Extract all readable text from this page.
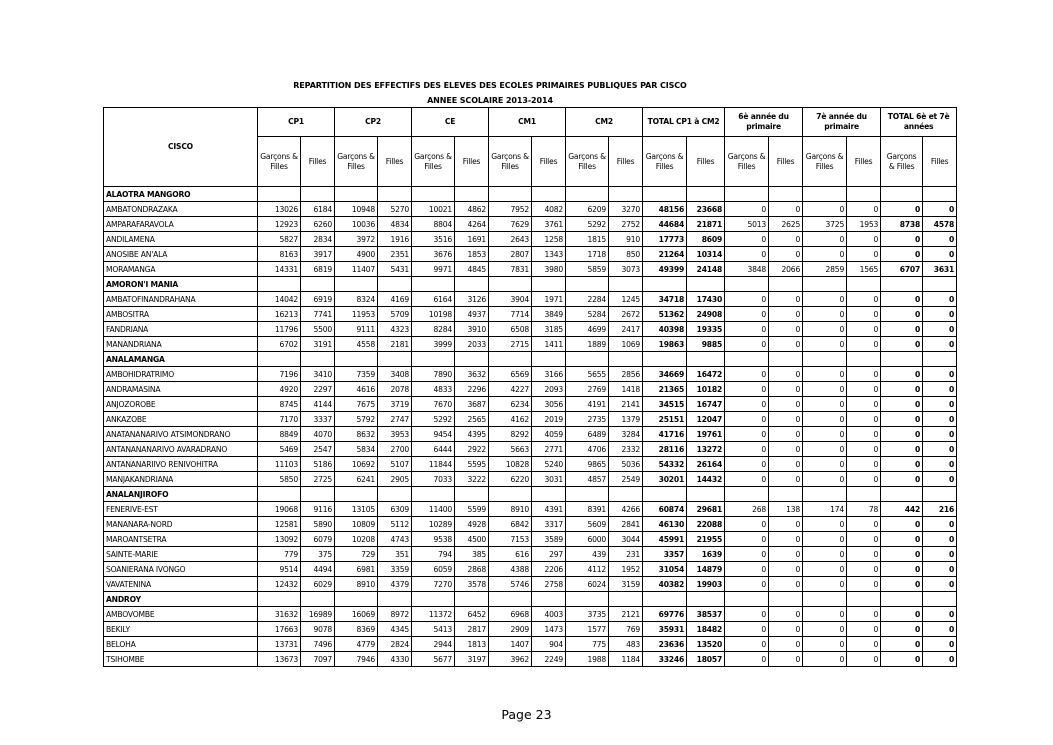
REPARTITION DES EFFECTIFS DES ELEVES DES ECOLES PRIMAIRES PUBLIQUES PAR CISCO
ANNEE SCOLAIRE 2013-2014
CISCO	CP1		CP2		CE		CM1		CM2		TOTAL CP1 à CM2		6è année du primaire		7è année du primaire		TOTAL 6è et 7è années	
	Garçons & Filles	Filles	Garçons & Filles	Filles	Garçons & Filles	Filles	Garçons & Filles	Filles	Garçons & Filles	Filles	Garçons & Filles	Filles	Garçons & Filles	Filles	Garçons & Filles	Filles	Garçons & Filles	Filles
ALAOTRA MANGORO																		
AMBATONDRAZAKA	13026	6184	10948	5270	10021	4862	7952	4082	6209	3270	48156	23668	0	0	0	0	0	0
AMPARAFARAVOLA	12923	6260	10036	4834	8804	4264	7629	3761	5292	2752	44684	21871	5013	2625	3725	1953	8738	4578
ANDILAMENA	5827	2834	3972	1916	3516	1691	2643	1258	1815	910	17773	8609	0	0	0	0	0	0
ANOSIBE AN'ALA	8163	3917	4900	2351	3676	1853	2807	1343	1718	850	21264	10314	0	0	0	0	0	0
MORAMANGA	14331	6819	11407	5431	9971	4845	7831	3980	5859	3073	49399	24148	3848	2066	2859	1565	6707	3631
AMORON'I MANIA																		
AMBATOFINANDRAHANA	14042	6919	8324	4169	6164	3126	3904	1971	2284	1245	34718	17430	0	0	0	0	0	0
AMBOSITRA	16213	7741	11953	5709	10198	4937	7714	3849	5284	2672	51362	24908	0	0	0	0	0	0
FANDRIANA	11796	5500	9111	4323	8284	3910	6508	3185	4699	2417	40398	19335	0	0	0	0	0	0
MANANDRIANA	6702	3191	4558	2181	3999	2033	2715	1411	1889	1069	19863	9885	0	0	0	0	0	0
ANALAMANGA																		
AMBOHIDRATRIMO	7196	3410	7359	3408	7890	3632	6569	3166	5655	2856	34669	16472	0	0	0	0	0	0
ANDRAMASINA	4920	2297	4616	2078	4833	2296	4227	2093	2769	1418	21365	10182	0	0	0	0	0	0
ANJOZOROBE	8745	4144	7675	3719	7670	3687	6234	3056	4191	2141	34515	16747	0	0	0	0	0	0
ANKAZOBE	7170	3337	5792	2747	5292	2565	4162	2019	2735	1379	25151	12047	0	0	0	0	0	0
ANATANANARIVO ATSIMONDRANO	8849	4070	8632	3953	9454	4395	8292	4059	6489	3284	41716	19761	0	0	0	0	0	0
ANTANANANARIVO AVARADRANO	5469	2547	5834	2700	6444	2922	5663	2771	4706	2332	28116	13272	0	0	0	0	0	0
ANTANANARIIVO RENIVOHITRA	11103	5186	10692	5107	11844	5595	10828	5240	9865	5036	54332	26164	0	0	0	0	0	0
MANJAKANDRIANA	5850	2725	6241	2905	7033	3222	6220	3031	4857	2549	30201	14432	0	0	0	0	0	0
ANALANJIROFO																		
FENERIVE-EST	19068	9116	13105	6309	11400	5599	8910	4391	8391	4266	60874	29681	268	138	174	78	442	216
MANANARA-NORD	12581	5890	10809	5112	10289	4928	6842	3317	5609	2841	46130	22088	0	0	0	0	0	0
MAROANTSETRA	13092	6079	10208	4743	9538	4500	7153	3589	6000	3044	45991	21955	0	0	0	0	0	0
SAINTE-MARIE	779	375	729	351	794	385	616	297	439	231	3357	1639	0	0	0	0	0	0
SOANIERANA IVONGO	9514	4494	6981	3359	6059	2868	4388	2206	4112	1952	31054	14879	0	0	0	0	0	0
VAVATENINA	12432	6029	8910	4379	7270	3578	5746	2758	6024	3159	40382	19903	0	0	0	0	0	0
ANDROY																		
AMBOVOMBE	31632	16989	16069	8972	11372	6452	6968	4003	3735	2121	69776	38537	0	0	0	0	0	0
BEKILY	17663	9078	8369	4345	5413	2817	2909	1473	1577	769	35931	18482	0	0	0	0	0	0
BELOHA	13731	7496	4779	2824	2944	1813	1407	904	775	483	23636	13520	0	0	0	0	0	0
TSIHOMBE	13673	7097	7946	4330	5677	3197	3962	2249	1988	1184	33246	18057	0	0	0	0	0	0
Page 23
